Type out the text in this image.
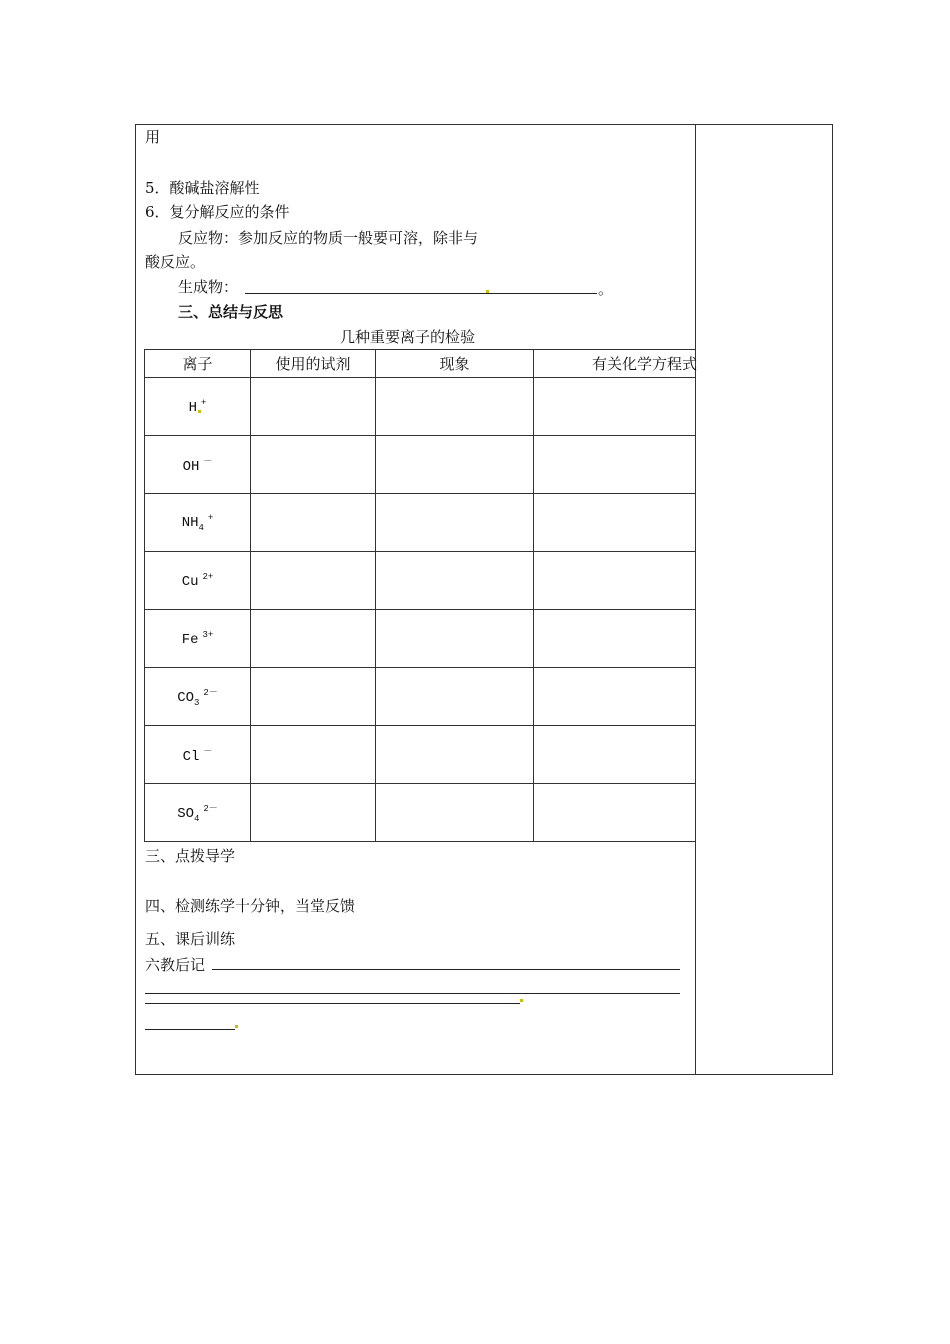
用
5．酸碱盐溶解性
6．复分解反应的条件
反应物：参加反应的物质一般要可溶，除非与
酸反应。
生成物：	。
三、总结与反思
几种重要离子的检验
离子	使用的试剂	现象	有关化学方程式
H +			
OH －			
$NH_4^+$			
Cu $^{2+}$			
Fe $^{3+}$			
$CO_3^{2-}$			
Cl －			
$SO_4^{2-}$			
三、点拨导学
四、检测练学十分钟，当堂反馈
五、课后训练
六教后记
